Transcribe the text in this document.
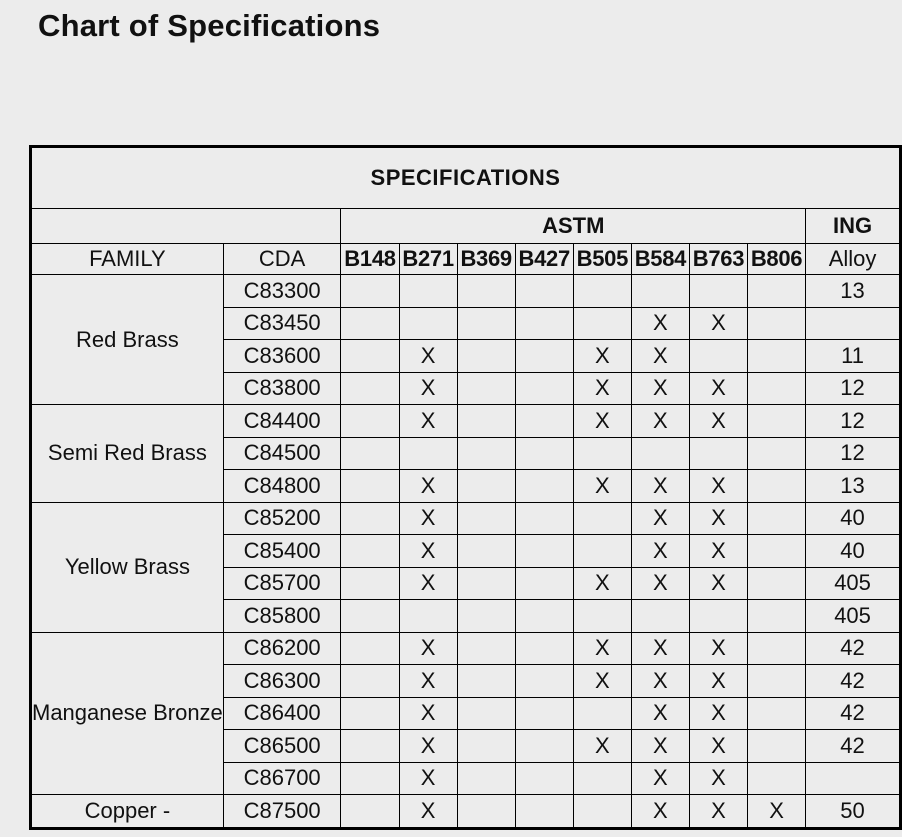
Chart of Specifications
SPECIFICATIONS										
		ASTM								ING
FAMILY	CDA	B148	B271	B369	B427	B505	B584	B763	B806	Alloy
Red Brass	C83300									13
	C83450						X	X		
	C83600		X			X	X			11
	C83800		X			X	X	X		12
Semi Red Brass	C84400		X			X	X	X		12
	C84500									12
	C84800		X			X	X	X		13
Yellow Brass	C85200		X				X	X		40
	C85400		X				X	X		40
	C85700		X			X	X	X		405
	C85800									405
Manganese Bronze	C86200		X			X	X	X		42
	C86300		X			X	X	X		42
	C86400		X				X	X		42
	C86500		X			X	X	X		42
	C86700		X				X	X		
Copper -	C87500		X				X	X	X	50
